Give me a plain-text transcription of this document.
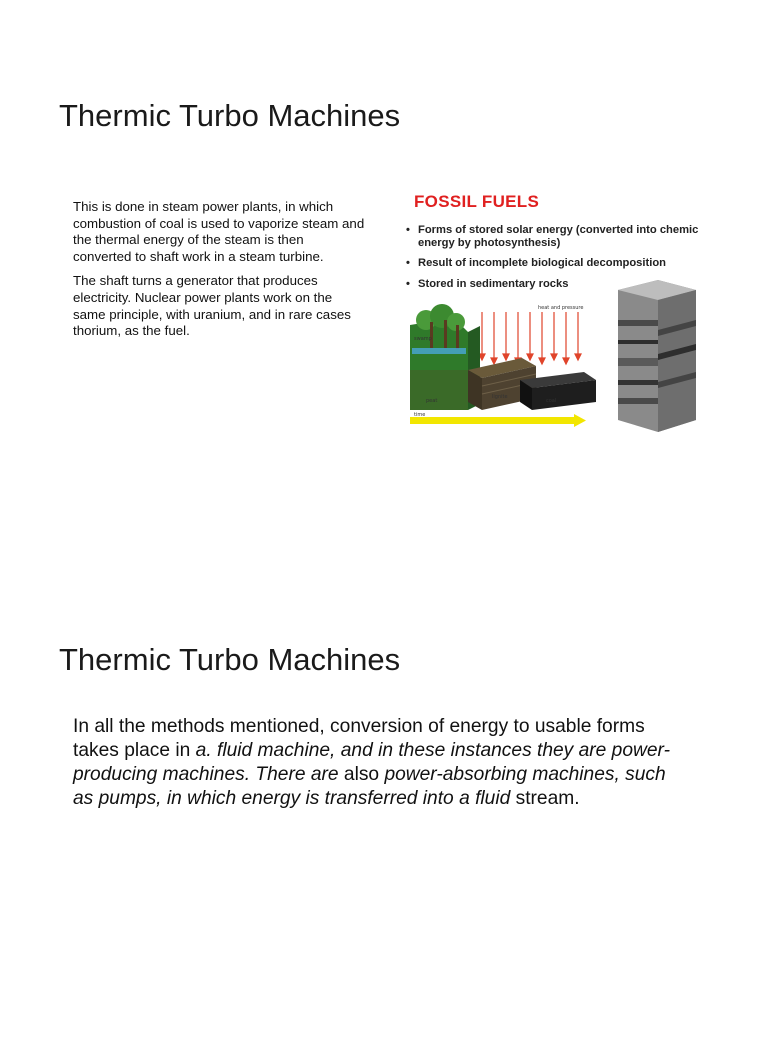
Thermic Turbo Machines

This is done in steam power plants, in which combustion of coal is used to vaporize steam and the thermal energy of the steam is then converted to shaft work in a steam turbine.

The shaft turns a generator that produces electricity. Nuclear power plants work on the same principle, with uranium, and in rare cases thorium, as the fuel.

heat and pressure
swamp
peat
lignite
coal
time
FOSSIL FUELS
• Forms of stored solar energy (converted into chemic
energy by photosynthesis)
• Result of incomplete biological decomposition
• Stored in sedimentary rocks
Thermic Turbo Machines

In all the methods mentioned, conversion of energy to usable forms

takes place in a. fluid machine, and in these instances they are power-

producing machines. There are also power-absorbing machines, such

as pumps, in which energy is transferred into a fluid stream.
